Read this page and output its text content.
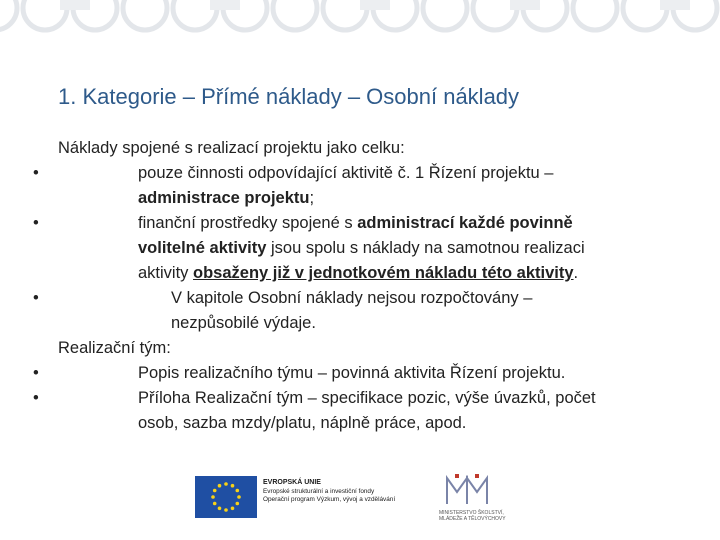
1. Kategorie – Přímé náklady – Osobní náklady

Náklady spojené s realizací projektu jako celku:

• pouze činnosti odpovídající aktivitě č. 1 Řízení projektu –
administrace projektu;
• finanční prostředky spojené s administrací každé povinně
volitelné aktivity jsou spolu s náklady na samotnou realizaci
aktivity obsaženy již v jednotkovém nákladu této aktivity.
• V kapitole Osobní náklady nejsou rozpočtovány –
nezpůsobilé výdaje.

Realizační tým:

• Popis realizačního týmu – povinná aktivita Řízení projektu.
• Příloha Realizační tým – specifikace pozic, výše úvazků, počet
osob, sazba mzdy/platu, náplně práce, apod.
EVROPSKÁ UNIE
Evropské strukturální a investiční fondy
Operační program Výzkum, vývoj a vzdělávání
MINISTERSTVO ŠKOLSTVÍ,
MLÁDEŽE A TĚLOVÝCHOVY
